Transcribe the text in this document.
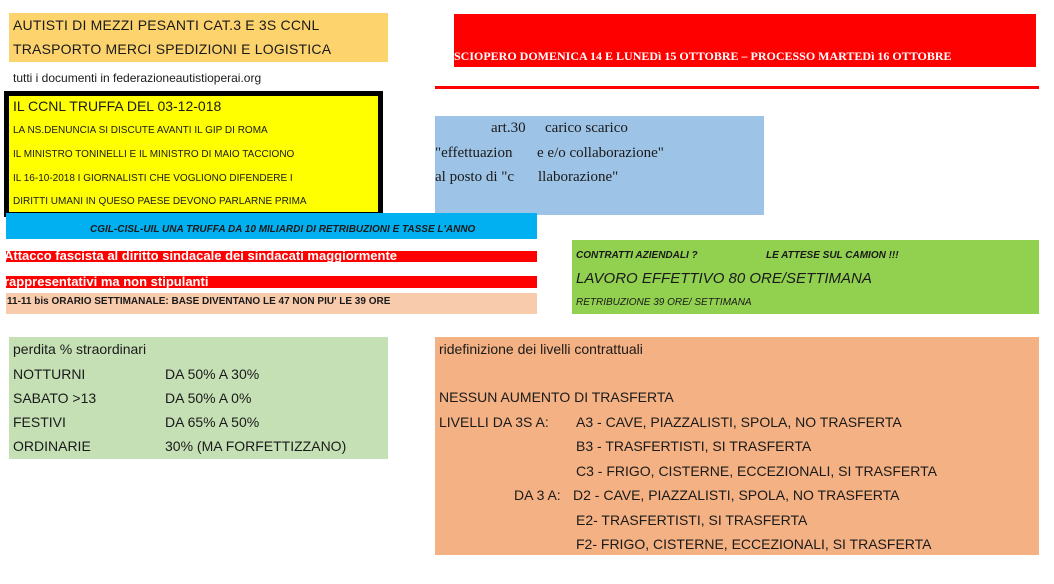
AUTISTI DI MEZZI PESANTI CAT.3 E 3S CCNL
TRASPORTO MERCI SPEDIZIONI E LOGISTICA
tutti i documenti in federazioneautistioperai.org
IL CCNL TRUFFA DEL 03-12-018
LA NS.DENUNCIA SI DISCUTE AVANTI IL GIP DI ROMA
IL MINISTRO TONINELLI E IL MINISTRO DI MAIO TACCIONO
IL 16-10-2018 I GIORNALISTI CHE VOGLIONO DIFENDERE I
DIRITTI UMANI IN QUESO PAESE DEVONO PARLARNE PRIMA
SCIOPERO DOMENICA 14 E LUNEDì 15 OTTOBRE – PROCESSO MARTEDì 16 OTTOBRE
art.30 carico scarico
"effettuazion e e/o collaborazione"
al posto di "c llaborazione"
CGIL-CISL-UIL UNA TRUFFA DA 10 MILIARDI DI RETRIBUZIONI E TASSE L'ANNO
Attacco fascista al diritto sindacale dei sindacati maggiormente
rappresentativi ma non stipulanti
11-11 bis ORARIO SETTIMANALE: BASE DIVENTANO LE 47 NON PIU' LE 39 ORE
CONTRATTI AZIENDALI ?	LE ATTESE SUL CAMION !!!
LAVORO EFFETTIVO 80 ORE/SETTIMANA
RETRIBUZIONE 39 ORE/ SETTIMANA
perdita % straordinari
NOTTURNI	DA 50% A 30%
SABATO >13	DA 50% A 0%
FESTIVI	DA 65% A 50%
ORDINARIE	30% (MA FORFETTIZZANO)
ridefinizione dei livelli contrattuali
NESSUN AUMENTO DI TRASFERTA
LIVELLI DA 3S A: A3 - CAVE, PIAZZALISTI, SPOLA, NO TRASFERTA
B3 - TRASFERTISTI, SI TRASFERTA
C3 - FRIGO, CISTERNE, ECCEZIONALI, SI TRASFERTA
DA 3 A: D2 - CAVE, PIAZZALISTI, SPOLA, NO TRASFERTA
E2- TRASFERTISTI, SI TRASFERTA
F2- FRIGO, CISTERNE, ECCEZIONALI, SI TRASFERTA
